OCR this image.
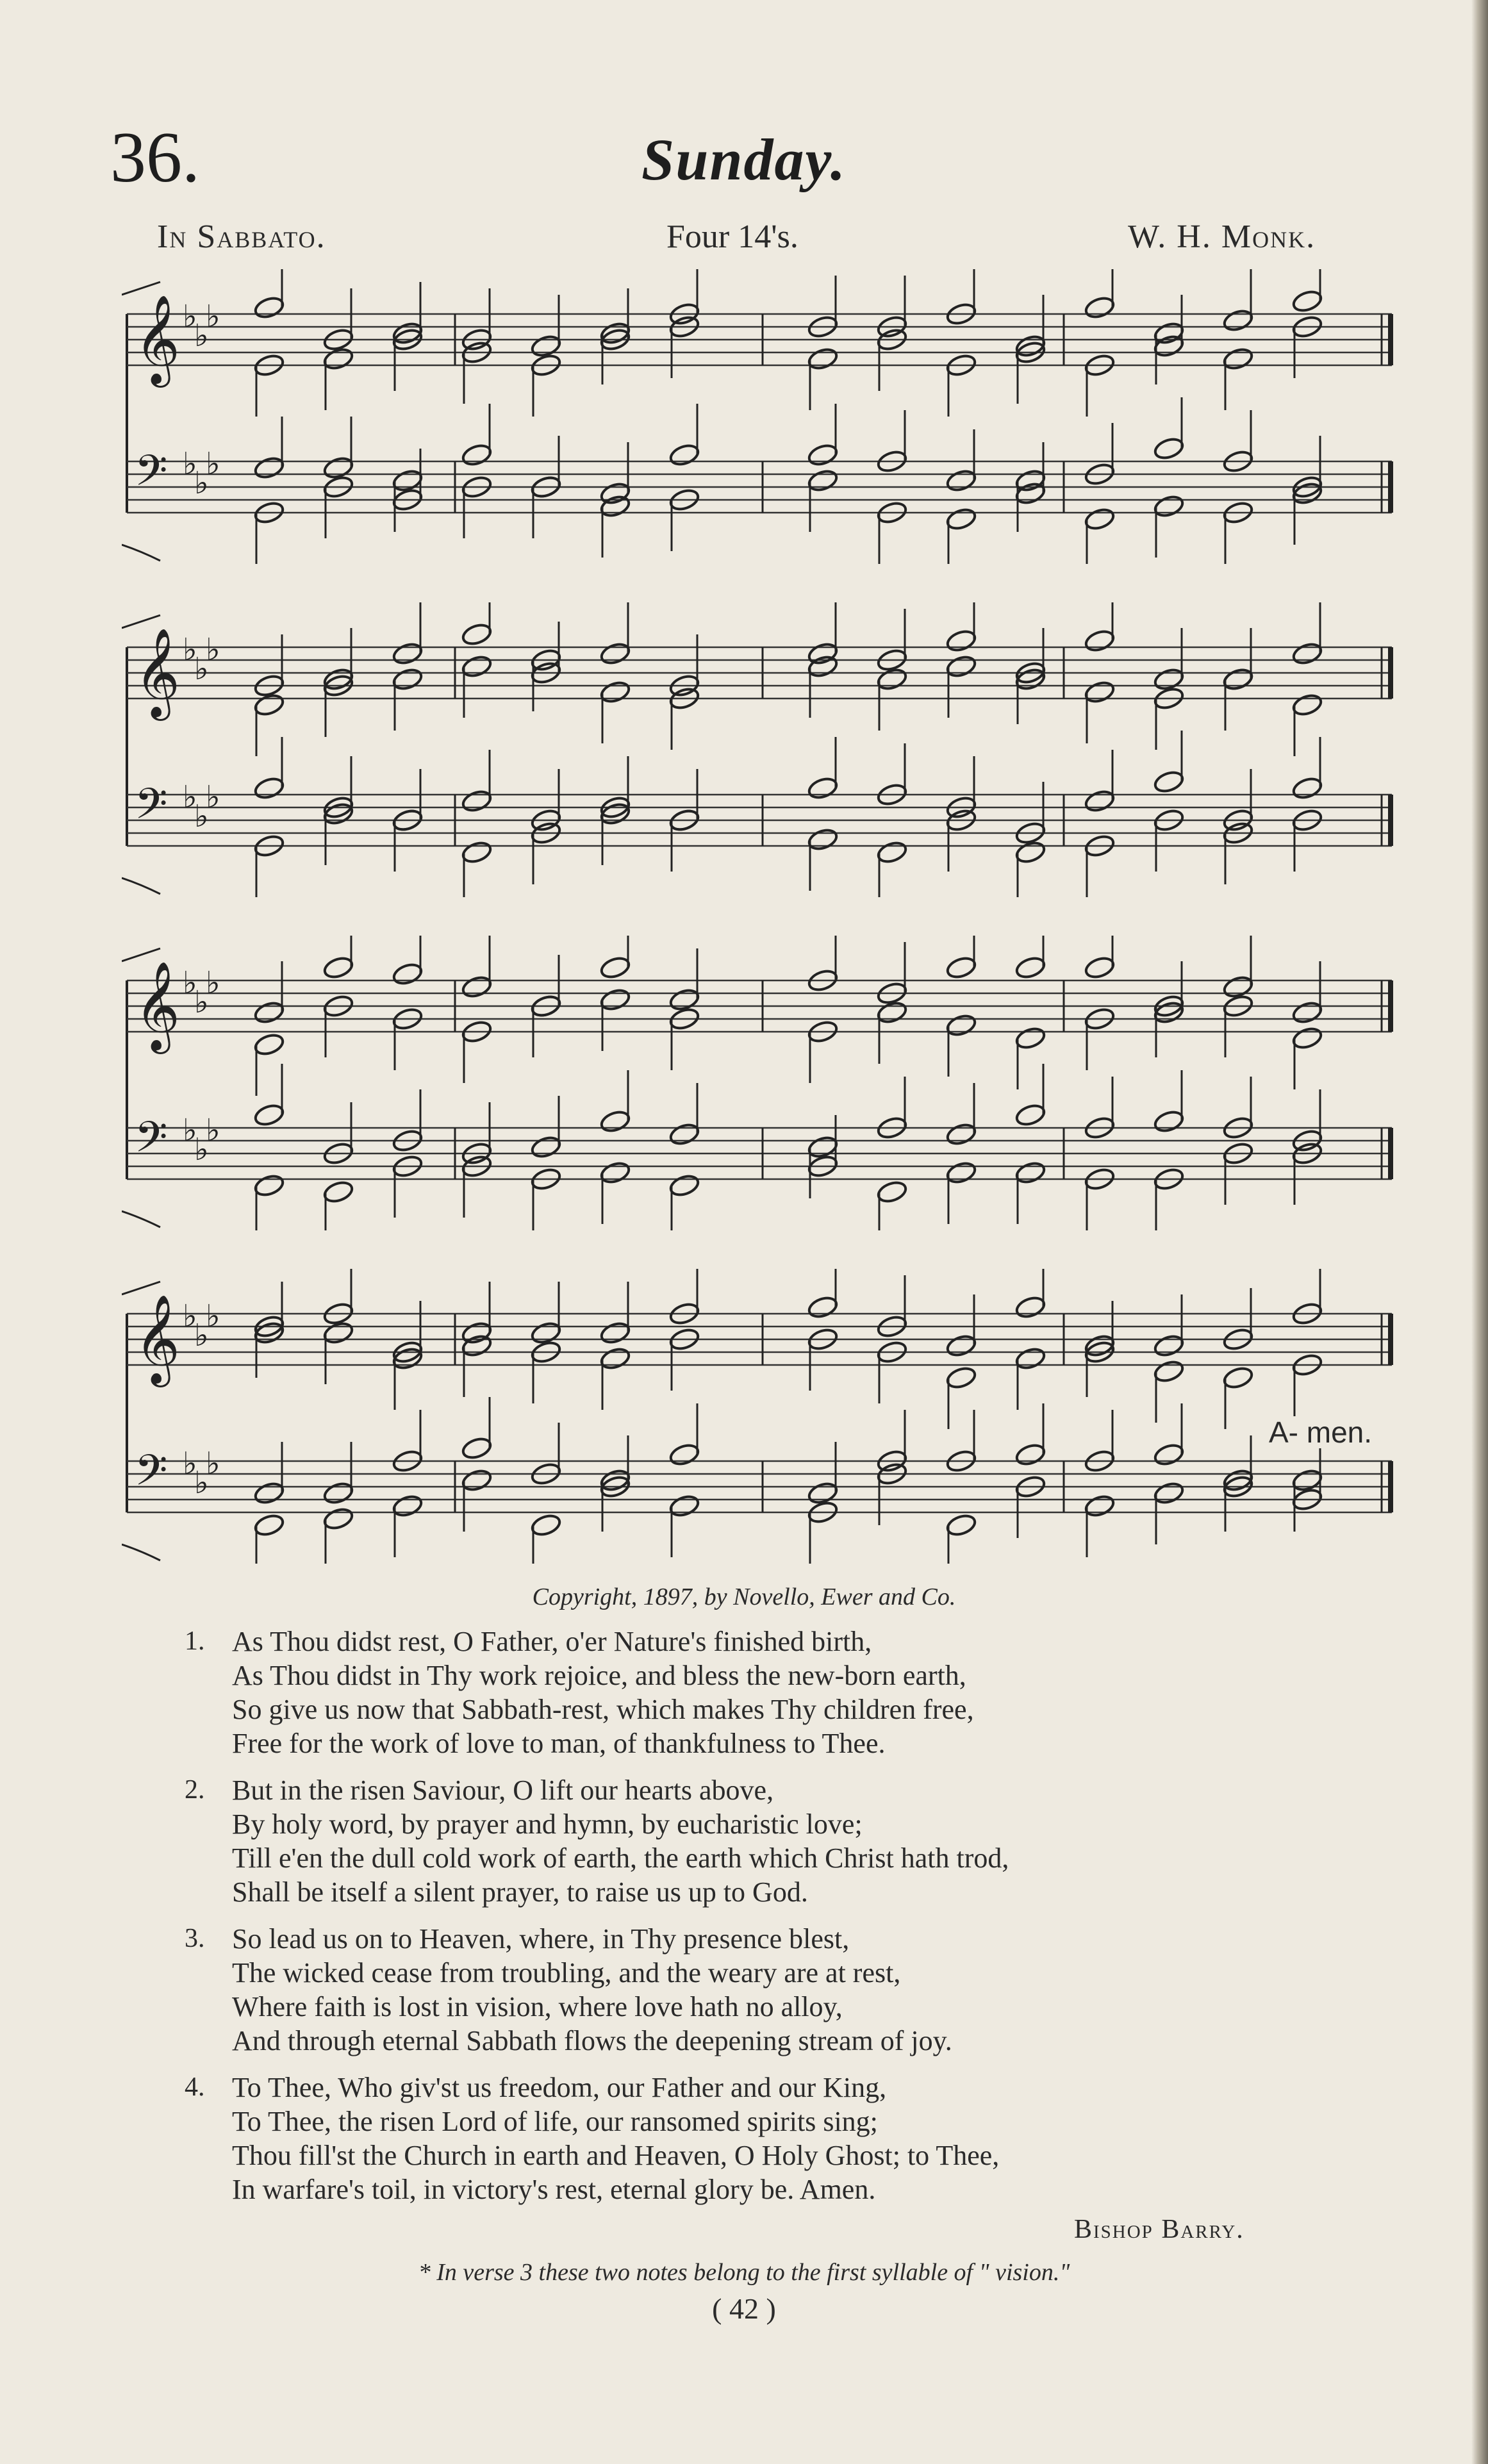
36.	Sunday.
In Sabbato.	Four 14's.	W. H. Monk.
𝄞 ♭
♭
♭
𝄢 ♭
♭
♭
𝄞 ♭
♭
♭
𝄢 ♭
♭
♭
𝄞 ♭
♭
♭
𝄢 ♭
♭
♭
𝄞 ♭
♭
♭
𝄢 ♭
♭
♭
A- men.
Copyright, 1897, by Novello, Ewer and Co.
1. As Thou didst rest, O Father, o'er Nature's finished birth,
As Thou didst in Thy work rejoice, and bless the new-born earth,
So give us now that Sabbath-rest, which makes Thy children free,
Free for the work of love to man, of thankfulness to Thee.
2. But in the risen Saviour, O lift our hearts above,
By holy word, by prayer and hymn, by eucharistic love;
Till e'en the dull cold work of earth, the earth which Christ hath trod,
Shall be itself a silent prayer, to raise us up to God.
3. So lead us on to Heaven, where, in Thy presence blest,
The wicked cease from troubling, and the weary are at rest,
Where faith is lost in vision, where love hath no alloy,
And through eternal Sabbath flows the deepening stream of joy.
4. To Thee, Who giv'st us freedom, our Father and our King,
To Thee, the risen Lord of life, our ransomed spirits sing;
Thou fill'st the Church in earth and Heaven, O Holy Ghost; to Thee,
In warfare's toil, in victory's rest, eternal glory be. Amen.
Bishop Barry.
* In verse 3 these two notes belong to the first syllable of " vision."
( 42 )
